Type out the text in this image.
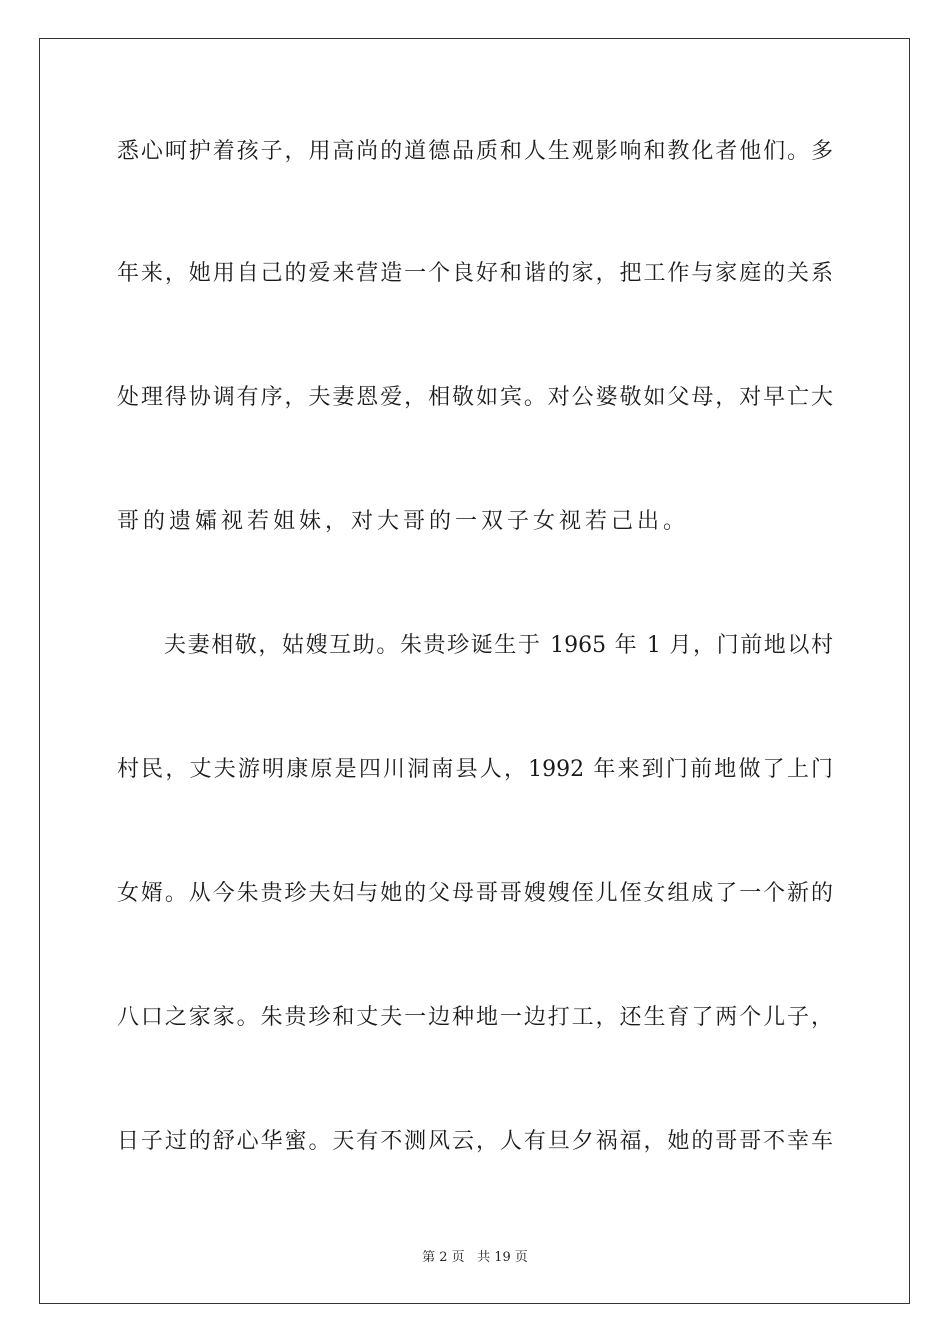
悉心呵护着孩子，用高尚的道德品质和人生观影响和教化者他们。多
年来，她用自己的爱来营造一个良好和谐的家，把工作与家庭的关系
处理得协调有序，夫妻恩爱，相敬如宾。对公婆敬如父母，对早亡大
哥的遗孀视若姐妹，对大哥的一双子女视若己出。
夫妻相敬，姑嫂互助。朱贵珍诞生于 1965 年 1 月，门前地以村
村民，丈夫游明康原是四川洞南县人，1992 年来到门前地做了上门
女婿。从今朱贵珍夫妇与她的父母哥哥嫂嫂侄儿侄女组成了一个新的
八口之家家。朱贵珍和丈夫一边种地一边打工，还生育了两个儿子，
日子过的舒心华蜜。天有不测风云，人有旦夕祸福，她的哥哥不幸车
第 2 页 共 19 页
